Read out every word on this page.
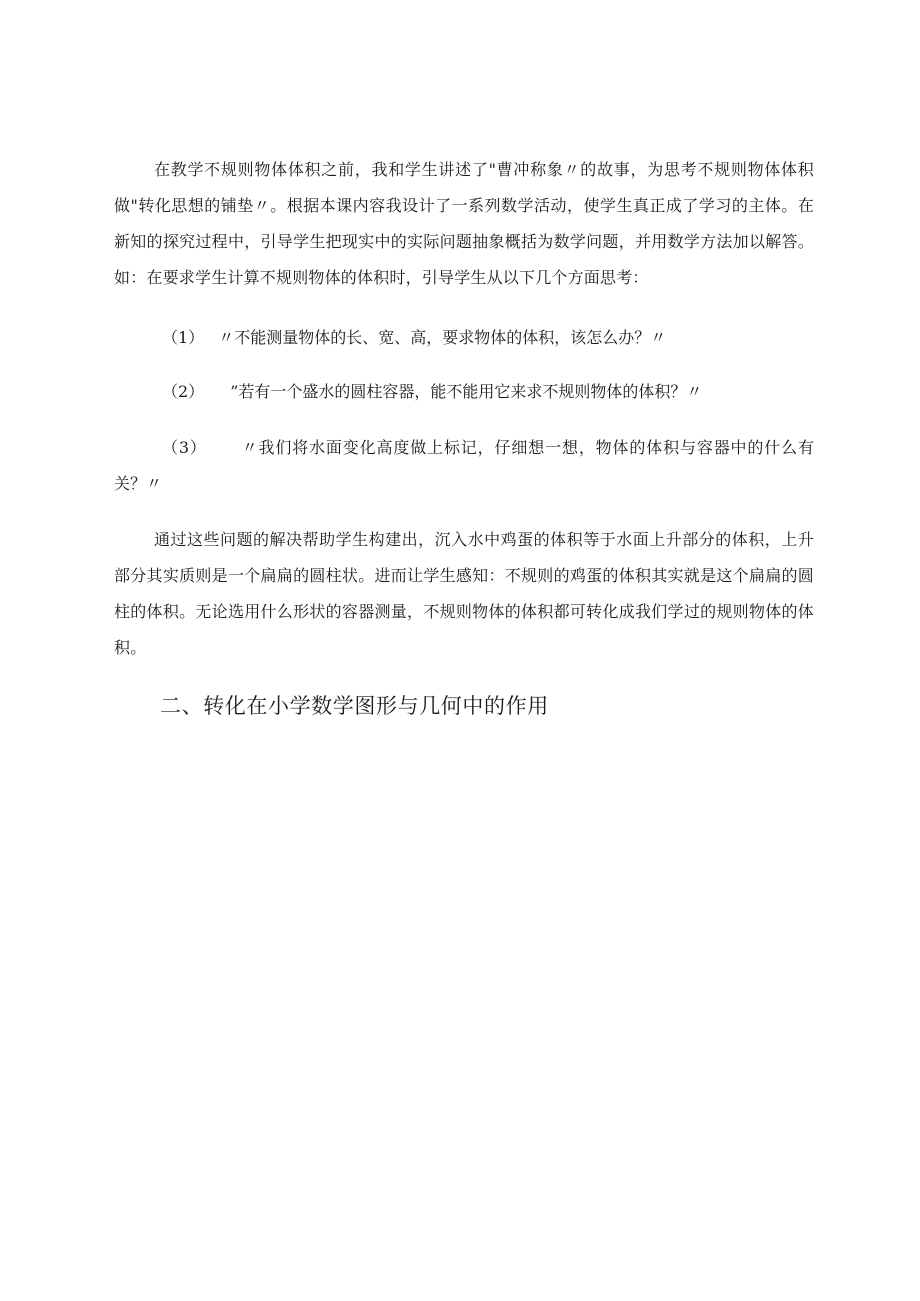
在教学不规则物体体积之前，我和学生讲述了"曹冲称象〃的故事，为思考不规则物体体积做"转化思想的铺垫〃。根据本课内容我设计了一系列数学活动，使学生真正成了学习的主体。在新知的探究过程中，引导学生把现实中的实际问题抽象概括为数学问题，并用数学方法加以解答。如：在要求学生计算不规则物体的体积时，引导学生从以下几个方面思考：

（1） 〃不能测量物体的长、宽、高，要求物体的体积，该怎么办？〃

（2） ”若有一个盛水的圆柱容器，能不能用它来求不规则物体的体积？〃

（3） 〃我们将水面变化高度做上标记，仔细想一想，物体的体积与容器中的什么有关？〃

通过这些问题的解决帮助学生构建出，沉入水中鸡蛋的体积等于水面上升部分的体积，上升部分其实质则是一个扁扁的圆柱状。进而让学生感知：不规则的鸡蛋的体积其实就是这个扁扁的圆柱的体积。无论选用什么形状的容器测量，不规则物体的体积都可转化成我们学过的规则物体的体积。

二、转化在小学数学图形与几何中的作用
